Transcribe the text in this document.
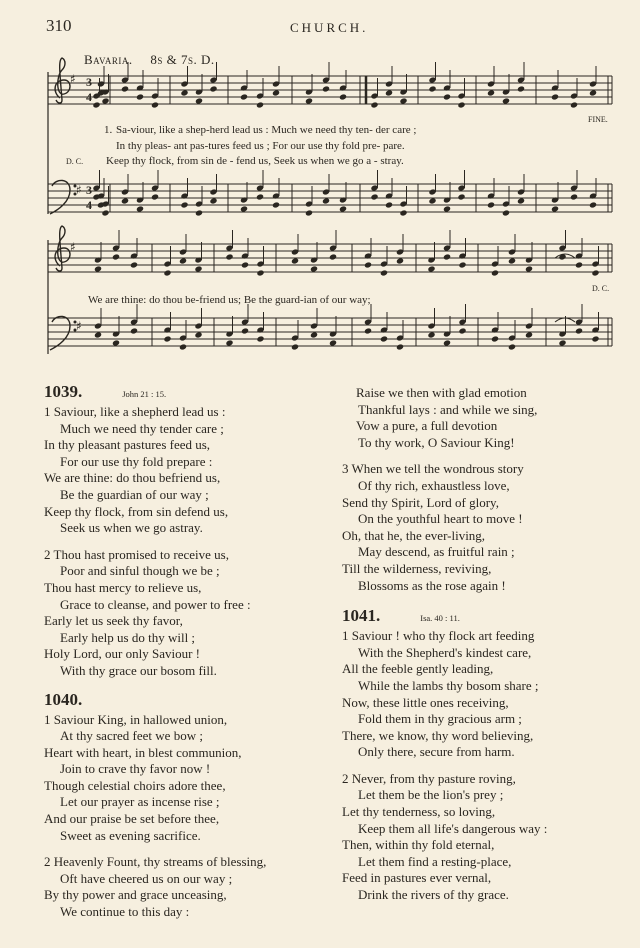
310	CHURCH.
Bavaria. 8s & 7s. D.
♯
♯
♯
♯
3
4
3
4
1. Sa-viour, like a shep-herd lead us : Much we need thy ten- der care ;
In thy pleas- ant pas-tures feed us ; For our use thy fold pre- pare.
Keep thy flock, from sin de - fend us, Seek us when we go a - stray.
D. C.
FINE.
We are thine: do thou be-friend us; Be the guard-ian of our way;
D. C.
1039.	John 21 : 15.
1 Saviour, like a shepherd lead us :
Much we need thy tender care ;
In thy pleasant pastures feed us,
For our use thy fold prepare :
We are thine: do thou befriend us,
Be the guardian of our way ;
Keep thy flock, from sin defend us,
Seek us when we go astray.
2 Thou hast promised to receive us,
Poor and sinful though we be ;
Thou hast mercy to relieve us,
Grace to cleanse, and power to free :
Early let us seek thy favor,
Early help us do thy will ;
Holy Lord, our only Saviour !
With thy grace our bosom fill.
1040.
1 Saviour King, in hallowed union,
At thy sacred feet we bow ;
Heart with heart, in blest communion,
Join to crave thy favor now !
Though celestial choirs adore thee,
Let our prayer as incense rise ;
And our praise be set before thee,
Sweet as evening sacrifice.
2 Heavenly Fount, thy streams of blessing,
Oft have cheered us on our way ;
By thy power and grace unceasing,
We continue to this day :
Raise we then with glad emotion
Thankful lays : and while we sing,
Vow a pure, a full devotion
To thy work, O Saviour King!
3 When we tell the wondrous story
Of thy rich, exhaustless love,
Send thy Spirit, Lord of glory,
On the youthful heart to move !
Oh, that he, the ever-living,
May descend, as fruitful rain ;
Till the wilderness, reviving,
Blossoms as the rose again !
1041.	Isa. 40 : 11.
1 Saviour ! who thy flock art feeding
With the Shepherd's kindest care,
All the feeble gently leading,
While the lambs thy bosom share ;
Now, these little ones receiving,
Fold them in thy gracious arm ;
There, we know, thy word believing,
Only there, secure from harm.
2 Never, from thy pasture roving,
Let them be the lion's prey ;
Let thy tenderness, so loving,
Keep them all life's dangerous way :
Then, within thy fold eternal,
Let them find a resting-place,
Feed in pastures ever vernal,
Drink the rivers of thy grace.
